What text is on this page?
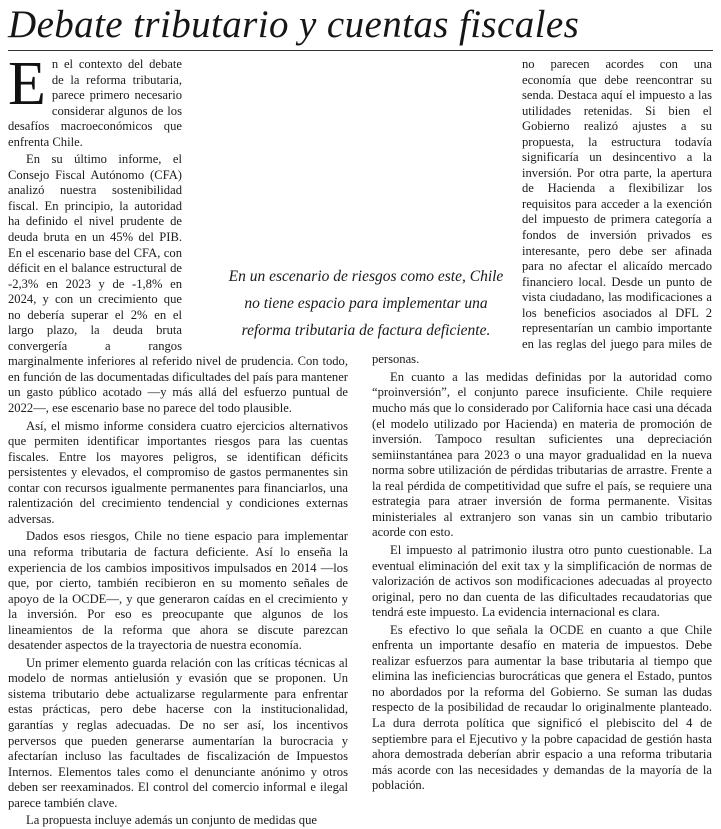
Debate tributario y cuentas fiscales

En el contexto del debate de la reforma tributaria, parece primero necesario considerar algunos de los desafíos macroeconómicos que enfrenta Chile.

En su último informe, el Consejo Fiscal Autónomo (CFA) analizó nuestra sostenibilidad fiscal. En principio, la autoridad ha definido el nivel prudente de deuda bruta en un 45% del PIB. En el escenario base del CFA, con déficit en el balance estructural de -2,3% en 2023 y de -1,8% en 2024, y con un crecimiento que no debería superar el 2% en el largo plazo, la deuda bruta convergería a rangos marginalmente inferiores al referido nivel de prudencia. Con todo, en función de las documentadas dificultades del país para mantener un gasto público acotado —y más allá del esfuerzo puntual de 2022—, ese escenario base no parece del todo plausible.

Así, el mismo informe considera cuatro ejercicios alternativos que permiten identificar importantes riesgos para las cuentas fiscales. Entre los mayores peligros, se identifican déficits persistentes y elevados, el compromiso de gastos permanentes sin contar con recursos igualmente permanentes para financiarlos, una ralentización del crecimiento tendencial y condiciones externas adversas.

Dados esos riesgos, Chile no tiene espacio para implementar una reforma tributaria de factura deficiente. Así lo enseña la experiencia de los cambios impositivos impulsados en 2014 —los que, por cierto, también recibieron en su momento señales de apoyo de la OCDE—, y que generaron caídas en el crecimiento y la inversión. Por eso es preocupante que algunos de los lineamientos de la reforma que ahora se discute parezcan desatender aspectos de la trayectoria de nuestra economía.

Un primer elemento guarda relación con las críticas técnicas al modelo de normas antielusión y evasión que se proponen. Un sistema tributario debe actualizarse regularmente para enfrentar estas prácticas, pero debe hacerse con la institucionalidad, garantías y reglas adecuadas. De no ser así, los incentivos perversos que pueden generarse aumentarían la burocracia y afectarían incluso las facultades de fiscalización de Impuestos Internos. Elementos tales como el denunciante anónimo y otros deben ser reexaminados. El control del comercio informal e ilegal parece también clave.

La propuesta incluye además un conjunto de medidas que

no parecen acordes con una economía que debe reencontrar su senda. Destaca aquí el impuesto a las utilidades retenidas. Si bien el Gobierno realizó ajustes a su propuesta, la estructura todavía significaría un desincentivo a la inversión. Por otra parte, la apertura de Hacienda a flexibilizar los requisitos para acceder a la exención del impuesto de primera categoría a fondos de inversión privados es interesante, pero debe ser afinada para no afectar el alicaído mercado financiero local. Desde un punto de vista ciudadano, las modificaciones a los beneficios asociados al DFL 2 representarían un cambio importante en las reglas del juego para miles de personas.

En cuanto a las medidas definidas por la autoridad como “proinversión”, el conjunto parece insuficiente. Chile requiere mucho más que lo considerado por California hace casi una década (el modelo utilizado por Hacienda) en materia de promoción de inversión. Tampoco resultan suficientes una depreciación semiinstantánea para 2023 o una mayor gradualidad en la nueva norma sobre utilización de pérdidas tributarias de arrastre. Frente a la real pérdida de competitividad que sufre el país, se requiere una estrategia para atraer inversión de forma permanente. Visitas ministeriales al extranjero son vanas sin un cambio tributario acorde con esto.

El impuesto al patrimonio ilustra otro punto cuestionable. La eventual eliminación del exit tax y la simplificación de normas de valorización de activos son modificaciones adecuadas al proyecto original, pero no dan cuenta de las dificultades recaudatorias que tendrá este impuesto. La evidencia internacional es clara.

Es efectivo lo que señala la OCDE en cuanto a que Chile enfrenta un importante desafío en materia de impuestos. Debe realizar esfuerzos para aumentar la base tributaria al tiempo que elimina las ineficiencias burocráticas que genera el Estado, puntos no abordados por la reforma del Gobierno. Se suman las dudas respecto de la posibilidad de recaudar lo originalmente planteado. La dura derrota política que significó el plebiscito del 4 de septiembre para el Ejecutivo y la pobre capacidad de gestión hasta ahora demostrada deberían abrir espacio a una reforma tributaria más acorde con las necesidades y demandas de la mayoría de la población.

En un escenario de riesgos como este, Chile
no tiene espacio para implementar una
reforma tributaria de factura deficiente.
